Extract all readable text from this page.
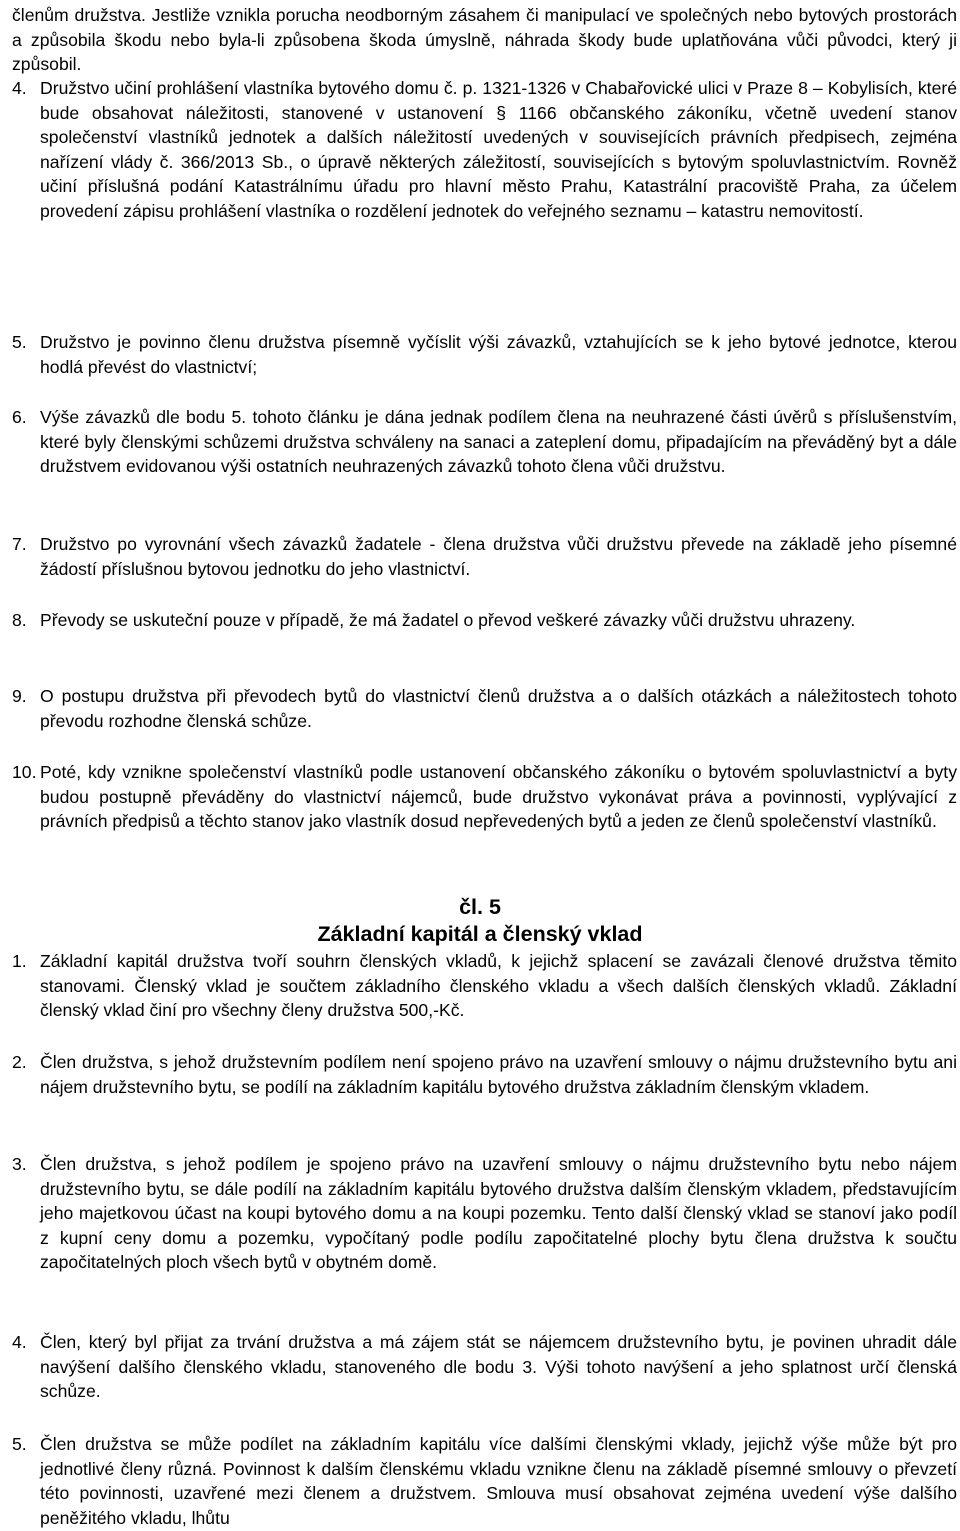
členům družstva. Jestliže vznikla porucha neodborným zásahem či manipulací ve společných nebo bytových prostorách a způsobila škodu nebo byla-li způsobena škoda úmyslně, náhrada škody bude uplatňována vůči původci, který ji způsobil.
4. Družstvo učiní prohlášení vlastníka bytového domu č. p. 1321-1326 v Chabařovické ulici v Praze 8 – Kobylisích, které bude obsahovat náležitosti, stanovené v ustanovení § 1166 občanského zákoníku, včetně uvedení stanov společenství vlastníků jednotek a dalších náležitostí uvedených v souvisejících právních předpisech, zejména nařízení vlády č. 366/2013 Sb., o úpravě některých záležitostí, souvisejících s bytovým spoluvlastnictvím. Rovněž učiní příslušná podání Katastrálnímu úřadu pro hlavní město Prahu, Katastrální pracoviště Praha, za účelem provedení zápisu prohlášení vlastníka o rozdělení jednotek do veřejného seznamu – katastru nemovitostí.
5. Družstvo je povinno členu družstva písemně vyčíslit výši závazků, vztahujících se k jeho bytové jednotce, kterou hodlá převést do vlastnictví;
6. Výše závazků dle bodu 5. tohoto článku je dána jednak podílem člena na neuhrazené části úvěrů s příslušenstvím, které byly členskými schůzemi družstva schváleny na sanaci a zateplení domu, připadajícím na převáděný byt a dále družstvem evidovanou výši ostatních neuhrazených závazků tohoto člena vůči družstvu.
7. Družstvo po vyrovnání všech závazků žadatele - člena družstva vůči družstvu převede na základě jeho písemné žádostí příslušnou bytovou jednotku do jeho vlastnictví.
8. Převody se uskuteční pouze v případě, že má žadatel o převod veškeré závazky vůči družstvu uhrazeny.
9. O postupu družstva při převodech bytů do vlastnictví členů družstva a o dalších otázkách a náležitostech tohoto převodu rozhodne členská schůze.
10. Poté, kdy vznikne společenství vlastníků podle ustanovení občanského zákoníku o bytovém spoluvlastnictví a byty budou postupně převáděny do vlastnictví nájemců, bude družstvo vykonávat práva a povinnosti, vyplývající z právních předpisů a těchto stanov jako vlastník dosud nepřevedených bytů a jeden ze členů společenství vlastníků.
čl. 5
Základní kapitál a členský vklad
1. Základní kapitál družstva tvoří souhrn členských vkladů, k jejichž splacení se zavázali členové družstva těmito stanovami. Členský vklad je součtem základního členského vkladu a všech dalších členských vkladů. Základní členský vklad činí pro všechny členy družstva 500,-Kč.
2. Člen družstva, s jehož družstevním podílem není spojeno právo na uzavření smlouvy o nájmu družstevního bytu ani nájem družstevního bytu, se podílí na základním kapitálu bytového družstva základním členským vkladem.
3. Člen družstva, s jehož podílem je spojeno právo na uzavření smlouvy o nájmu družstevního bytu nebo nájem družstevního bytu, se dále podílí na základním kapitálu bytového družstva dalším členským vkladem, představujícím jeho majetkovou účast na koupi bytového domu a na koupi pozemku. Tento další členský vklad se stanoví jako podíl z kupní ceny domu a pozemku, vypočítaný podle podílu započitatelné plochy bytu člena družstva k součtu započitatelných ploch všech bytů v obytném domě.
4. Člen, který byl přijat za trvání družstva a má zájem stát se nájemcem družstevního bytu, je povinen uhradit dále navýšení dalšího členského vkladu, stanoveného dle bodu 3. Výši tohoto navýšení a jeho splatnost určí členská schůze.
5. Člen družstva se může podílet na základním kapitálu více dalšími členskými vklady, jejichž výše může být pro jednotlivé členy různá. Povinnost k dalším členskému vkladu vznikne členu na základě písemné smlouvy o převzetí této povinnosti, uzavřené mezi členem a družstvem. Smlouva musí obsahovat zejména uvedení výše dalšího peněžitého vkladu, lhůtu
